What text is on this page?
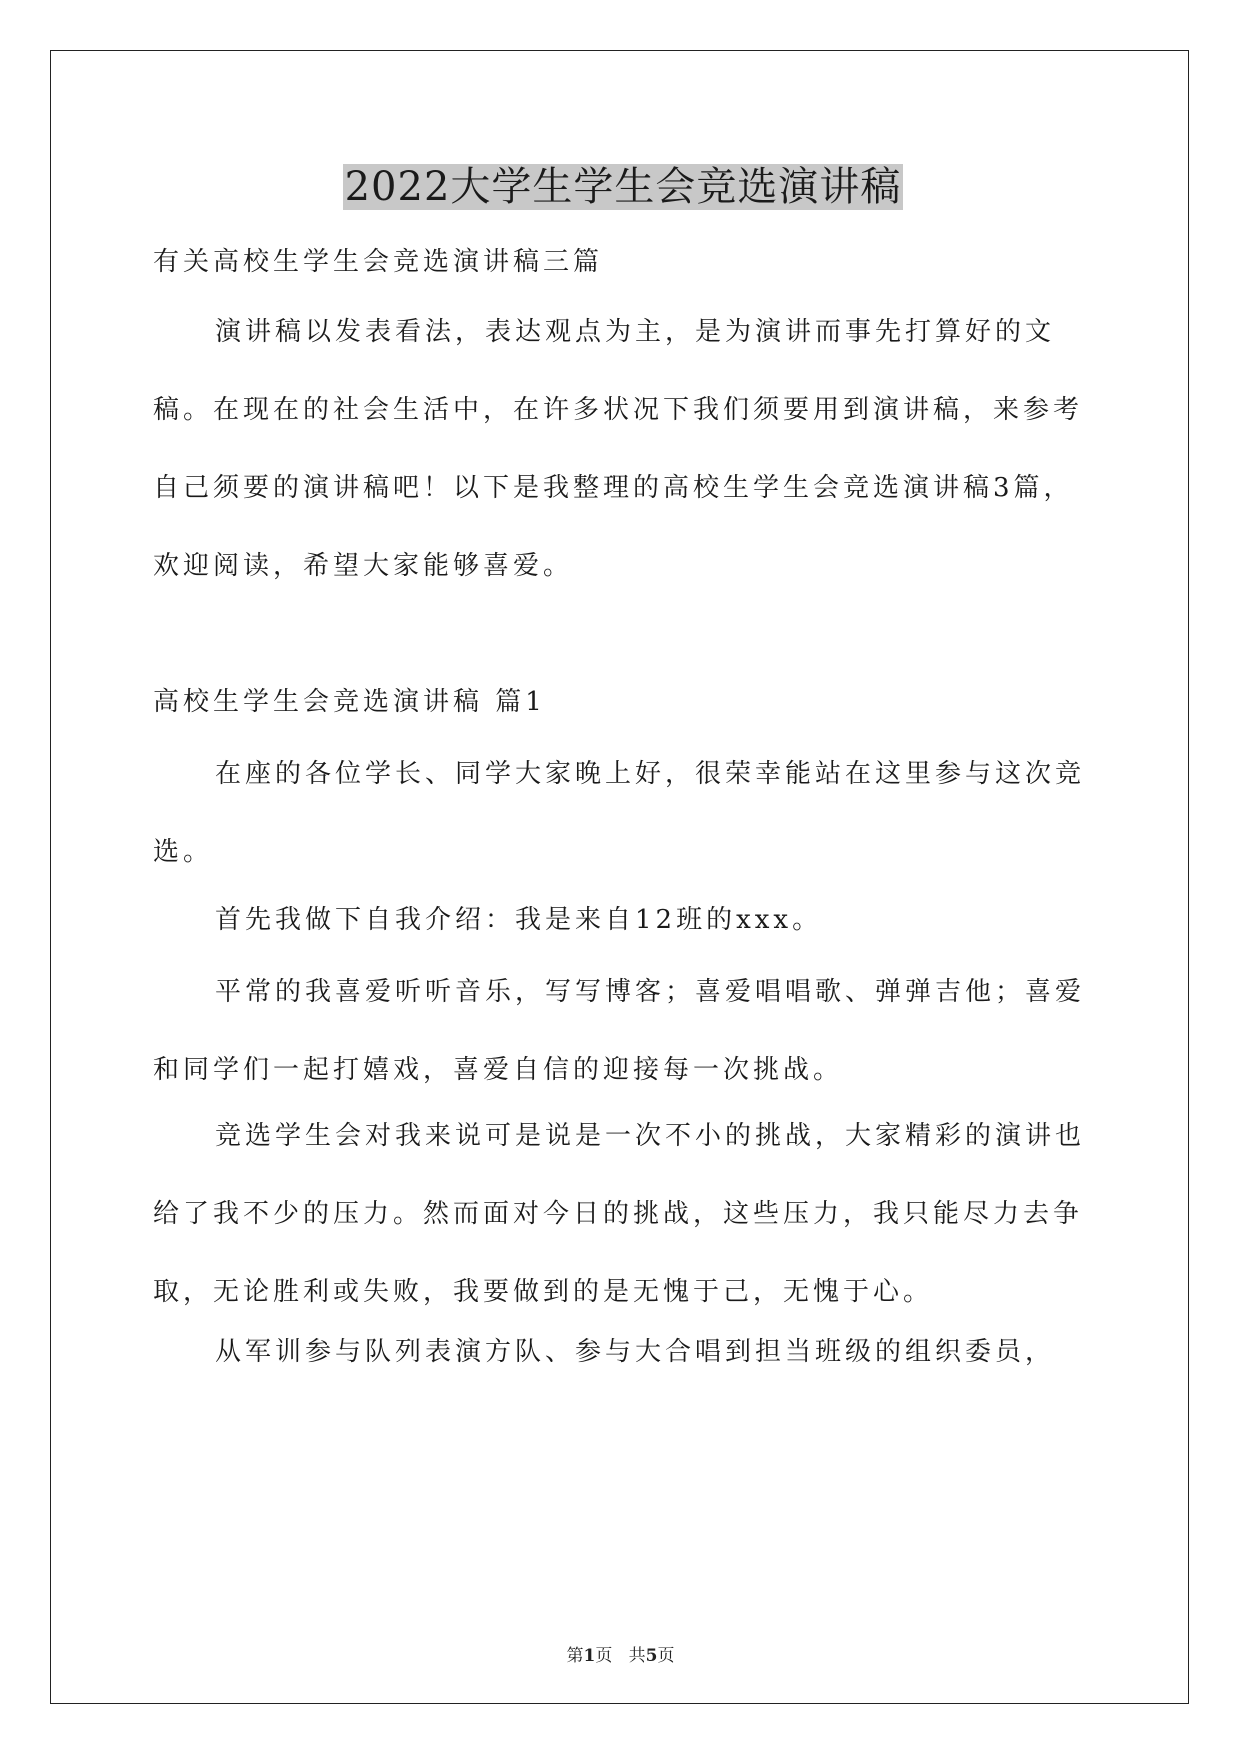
2022大学生学生会竞选演讲稿

有关高校生学生会竞选演讲稿三篇

演讲稿以发表看法，表达观点为主，是为演讲而事先打算好的文稿。在现在的社会生活中，在许多状况下我们须要用到演讲稿，来参考自己须要的演讲稿吧！以下是我整理的高校生学生会竞选演讲稿3篇，欢迎阅读，希望大家能够喜爱。

高校生学生会竞选演讲稿 篇1

在座的各位学长、同学大家晚上好，很荣幸能站在这里参与这次竞选。

首先我做下自我介绍：我是来自12班的xxx。

平常的我喜爱听听音乐，写写博客；喜爱唱唱歌、弹弹吉他；喜爱和同学们一起打嬉戏，喜爱自信的迎接每一次挑战。

竞选学生会对我来说可是说是一次不小的挑战，大家精彩的演讲也给了我不少的压力。然而面对今日的挑战，这些压力，我只能尽力去争取，无论胜利或失败，我要做到的是无愧于己，无愧于心。

从军训参与队列表演方队、参与大合唱到担当班级的组织委员，

第1页 共5页
